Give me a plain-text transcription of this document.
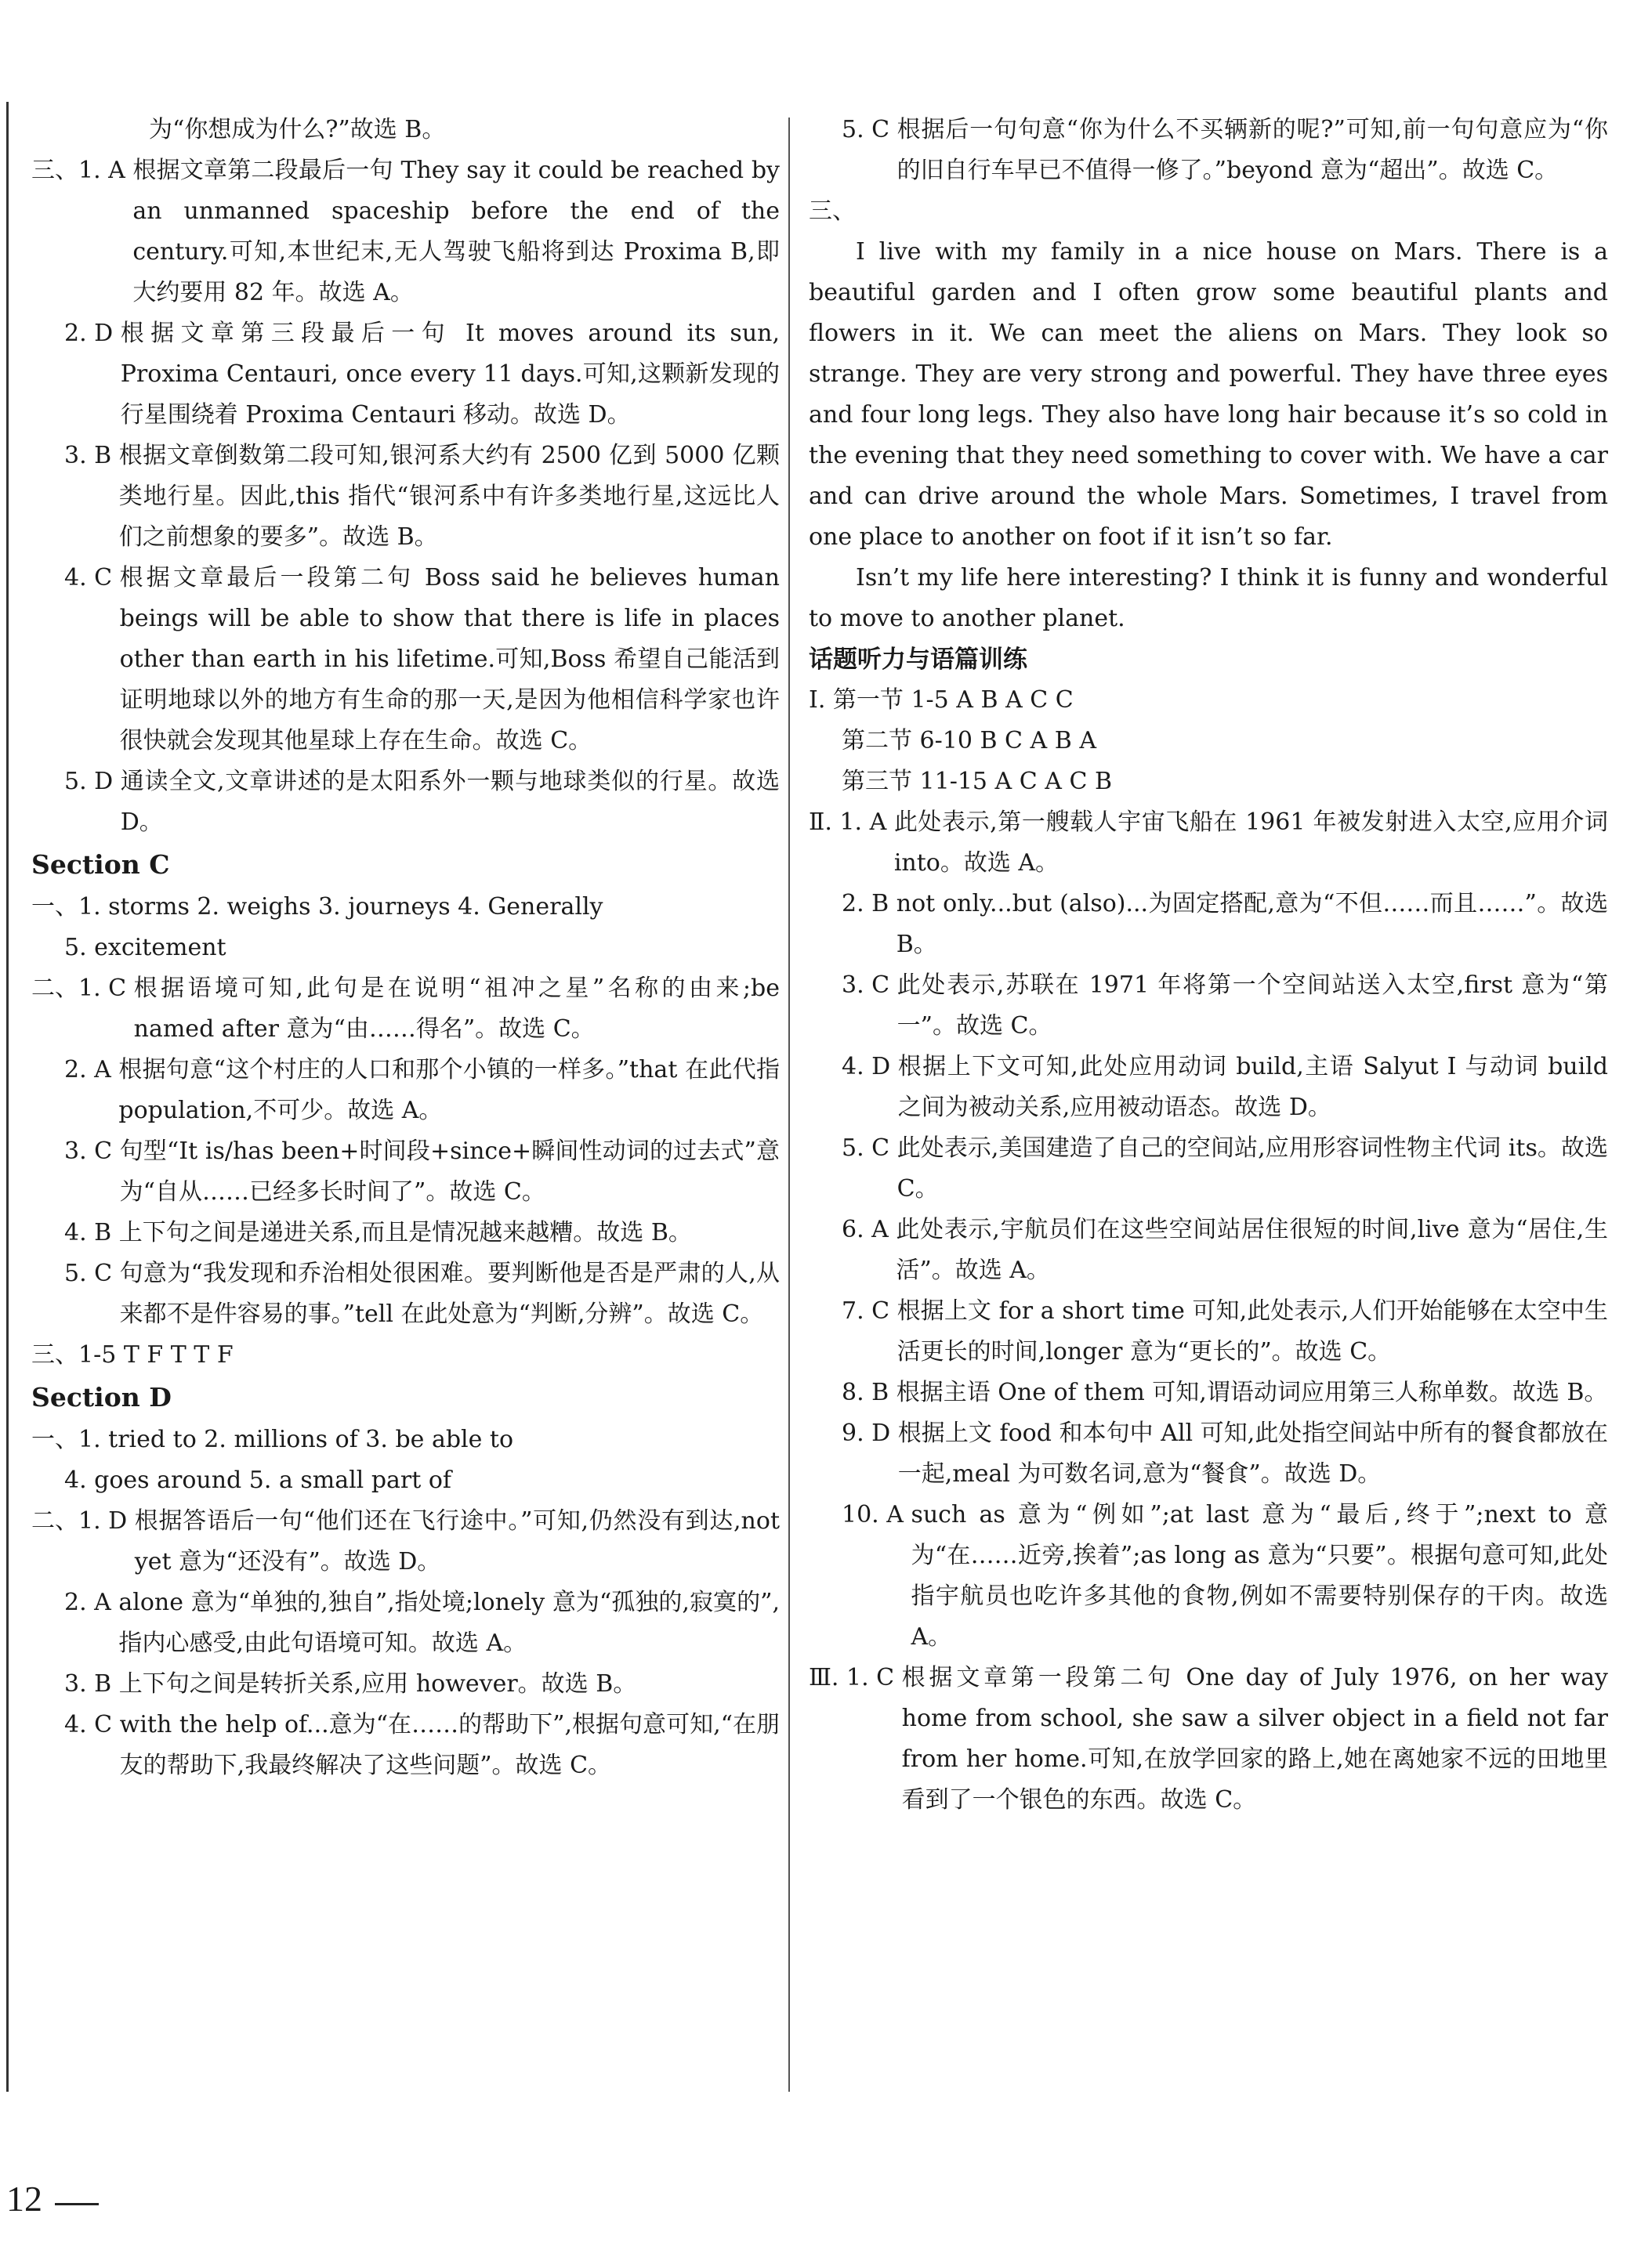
为“你想成为什么?”故选 B。
三、1. A 根据文章第二段最后一句 They say it could be reached by an unmanned spaceship before the end of the century.可知,本世纪末,无人驾驶飞船将到达 Proxima B,即大约要用 82 年。故选 A。
2. D 根据文章第三段最后一句 It moves around its sun, Proxima Centauri, once every 11 days.可知,这颗新发现的行星围绕着 Proxima Centauri 移动。故选 D。
3. B 根据文章倒数第二段可知,银河系大约有 2500 亿到 5000 亿颗类地行星。因此,this 指代“银河系中有许多类地行星,这远比人们之前想象的要多”。故选 B。
4. C 根据文章最后一段第二句 Boss said he believes human beings will be able to show that there is life in places other than earth in his lifetime.可知,Boss 希望自己能活到证明地球以外的地方有生命的那一天,是因为他相信科学家也许很快就会发现其他星球上存在生命。故选 C。
5. D 通读全文,文章讲述的是太阳系外一颗与地球类似的行星。故选 D。
Section C
一、1. storms 2. weighs 3. journeys 4. Generally
5. excitement
二、1. C 根据语境可知,此句是在说明“祖冲之星”名称的由来;be named after 意为“由……得名”。故选 C。
2. A 根据句意“这个村庄的人口和那个小镇的一样多。”that 在此代指 population,不可少。故选 A。
3. C 句型“It is/has been+时间段+since+瞬间性动词的过去式”意为“自从……已经多长时间了”。故选 C。
4. B 上下句之间是递进关系,而且是情况越来越糟。故选 B。
5. C 句意为“我发现和乔治相处很困难。要判断他是否是严肃的人,从来都不是件容易的事。”tell 在此处意为“判断,分辨”。故选 C。
三、1-5 T F T T F
Section D
一、1. tried to 2. millions of 3. be able to
4. goes around 5. a small part of
二、1. D 根据答语后一句“他们还在飞行途中。”可知,仍然没有到达,not yet 意为“还没有”。故选 D。
2. A alone 意为“单独的,独自”,指处境;lonely 意为“孤独的,寂寞的”,指内心感受,由此句语境可知。故选 A。
3. B 上下句之间是转折关系,应用 however。故选 B。
4. C with the help of...意为“在……的帮助下”,根据句意可知,“在朋友的帮助下,我最终解决了这些问题”。故选 C。
5. C 根据后一句句意“你为什么不买辆新的呢?”可知,前一句句意应为“你的旧自行车早已不值得一修了。”beyond 意为“超出”。故选 C。
三、
I live with my family in a nice house on Mars. There is a beautiful garden and I often grow some beautiful plants and flowers in it. We can meet the aliens on Mars. They look so strange. They are very strong and powerful. They have three eyes and four long legs. They also have long hair because it’s so cold in the evening that they need something to cover with. We have a car and can drive around the whole Mars. Sometimes, I travel from one place to another on foot if it isn’t so far.
Isn’t my life here interesting? I think it is funny and wonderful to move to another planet.
话题听力与语篇训练
Ⅰ. 第一节 1-5 A B A C C
第二节 6-10 B C A B A
第三节 11-15 A C A C B
Ⅱ. 1. A 此处表示,第一艘载人宇宙飞船在 1961 年被发射进入太空,应用介词 into。故选 A。
2. B not only...but (also)...为固定搭配,意为“不但……而且……”。故选 B。
3. C 此处表示,苏联在 1971 年将第一个空间站送入太空,first 意为“第一”。故选 C。
4. D 根据上下文可知,此处应用动词 build,主语 Salyut I 与动词 build 之间为被动关系,应用被动语态。故选 D。
5. C 此处表示,美国建造了自己的空间站,应用形容词性物主代词 its。故选 C。
6. A 此处表示,宇航员们在这些空间站居住很短的时间,live 意为“居住,生活”。故选 A。
7. C 根据上文 for a short time 可知,此处表示,人们开始能够在太空中生活更长的时间,longer 意为“更长的”。故选 C。
8. B 根据主语 One of them 可知,谓语动词应用第三人称单数。故选 B。
9. D 根据上文 food 和本句中 All 可知,此处指空间站中所有的餐食都放在一起,meal 为可数名词,意为“餐食”。故选 D。
10. A such as 意为“例如”;at last 意为“最后,终于”;next to 意为“在……近旁,挨着”;as long as 意为“只要”。根据句意可知,此处指宇航员也吃许多其他的食物,例如不需要特别保存的干肉。故选 A。
Ⅲ. 1. C 根据文章第一段第二句 One day of July 1976, on her way home from school, she saw a silver object in a field not far from her home.可知,在放学回家的路上,她在离她家不远的田地里看到了一个银色的东西。故选 C。
12
